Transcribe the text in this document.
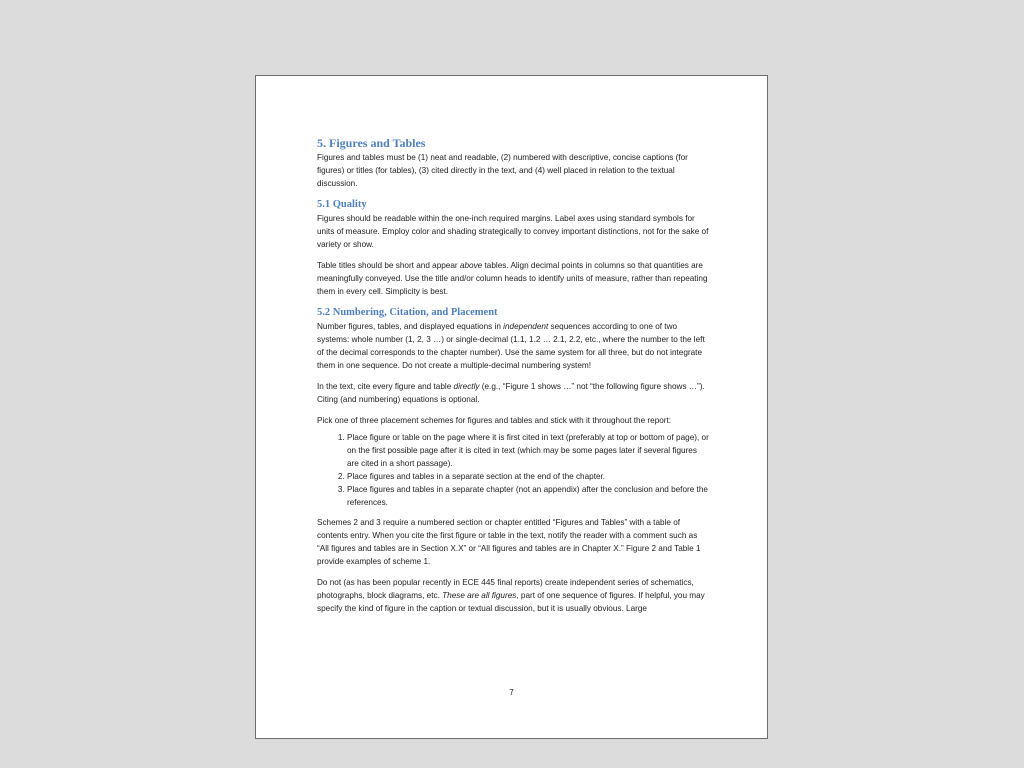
5. Figures and Tables

Figures and tables must be (1) neat and readable, (2) numbered with descriptive, concise captions (for figures) or titles (for tables), (3) cited directly in the text, and (4) well placed in relation to the textual discussion.

5.1 Quality

Figures should be readable within the one-inch required margins. Label axes using standard symbols for units of measure. Employ color and shading strategically to convey important distinctions, not for the sake of variety or show.

Table titles should be short and appear above tables. Align decimal points in columns so that quantities are meaningfully conveyed. Use the title and/or column heads to identify units of measure, rather than repeating them in every cell. Simplicity is best.

5.2 Numbering, Citation, and Placement

Number figures, tables, and displayed equations in independent sequences according to one of two systems: whole number (1, 2, 3 …) or single-decimal (1.1, 1.2 … 2.1, 2.2, etc., where the number to the left of the decimal corresponds to the chapter number). Use the same system for all three, but do not integrate them in one sequence. Do not create a multiple-decimal numbering system!

In the text, cite every figure and table directly (e.g., “Figure 1 shows …” not “the following figure shows …”). Citing (and numbering) equations is optional.

Pick one of three placement schemes for figures and tables and stick with it throughout the report:

1. Place figure or table on the page where it is first cited in text (preferably at top or bottom of page), or on the first possible page after it is cited in text (which may be some pages later if several figures are cited in a short passage).
2. Place figures and tables in a separate section at the end of the chapter.
3. Place figures and tables in a separate chapter (not an appendix) after the conclusion and before the references.

Schemes 2 and 3 require a numbered section or chapter entitled “Figures and Tables” with a table of contents entry. When you cite the first figure or table in the text, notify the reader with a comment such as “All figures and tables are in Section X.X” or “All figures and tables are in Chapter X.” Figure 2 and Table 1 provide examples of scheme 1.

Do not (as has been popular recently in ECE 445 final reports) create independent series of schematics, photographs, block diagrams, etc. These are all figures, part of one sequence of figures. If helpful, you may specify the kind of figure in the caption or textual discussion, but it is usually obvious. Large

7
